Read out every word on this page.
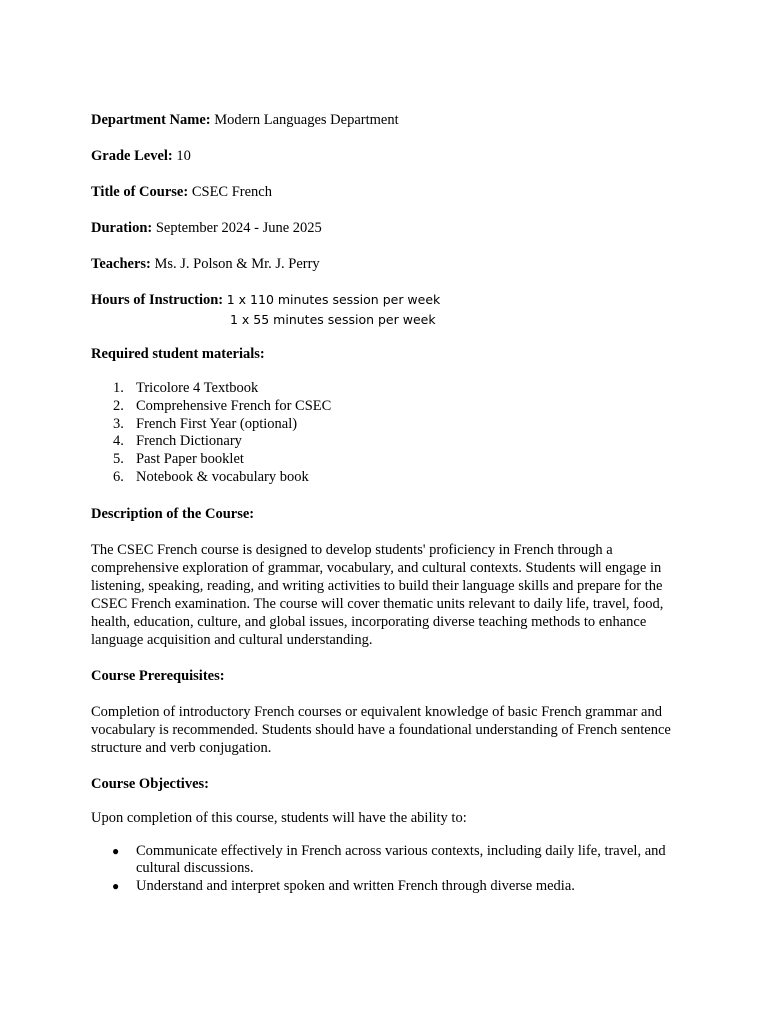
Department Name: Modern Languages Department
Grade Level: 10
Title of Course: CSEC French
Duration: September 2024 - June 2025
Teachers: Ms. J. Polson & Mr. J. Perry
Hours of Instruction: 1 x 110 minutes session per week
1 x 55 minutes session per week
Required student materials:
1. Tricolore 4 Textbook
2. Comprehensive French for CSEC
3. French First Year (optional)
4. French Dictionary
5. Past Paper booklet
6. Notebook & vocabulary book
Description of the Course:

The CSEC French course is designed to develop students' proficiency in French through a comprehensive exploration of grammar, vocabulary, and cultural contexts. Students will engage in listening, speaking, reading, and writing activities to build their language skills and prepare for the CSEC French examination. The course will cover thematic units relevant to daily life, travel, food, health, education, culture, and global issues, incorporating diverse teaching methods to enhance language acquisition and cultural understanding.

Course Prerequisites:

Completion of introductory French courses or equivalent knowledge of basic French grammar and vocabulary is recommended. Students should have a foundational understanding of French sentence structure and verb conjugation.

Course Objectives:

Upon completion of this course, students will have the ability to:

● Communicate effectively in French across various contexts, including daily life, travel, and cultural discussions.
● Understand and interpret spoken and written French through diverse media.
